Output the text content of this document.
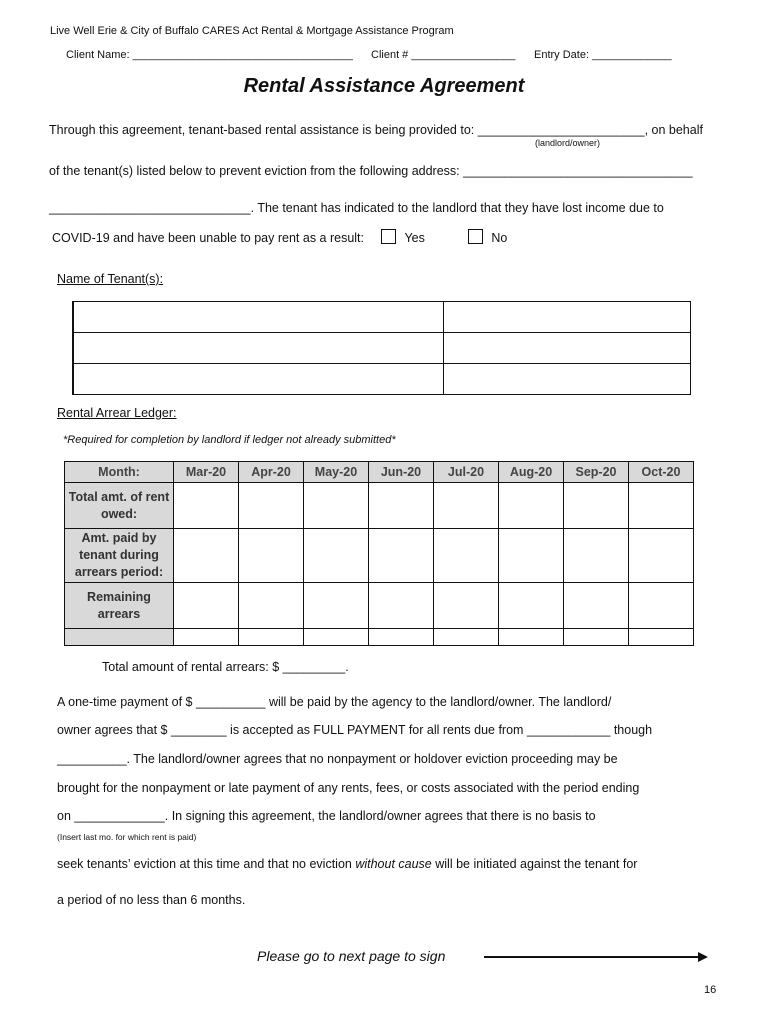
Live Well Erie & City of Buffalo CARES Act Rental & Mortgage Assistance Program
Client Name: ____________________________________ Client # _________________ Entry Date: _____________
Rental Assistance Agreement
Through this agreement, tenant-based rental assistance is being provided to: ________________________, on behalf
(landlord/owner)
of the tenant(s) listed below to prevent eviction from the following address: _________________________________
_____________________________. The tenant has indicated to the landlord that they have lost income due to
COVID-19 and have been unable to pay rent as a result:	Yes	No
Name of Tenant(s):

Rental Arrear Ledger:
*Required for completion by landlord if ledger not already submitted*
Month:	Mar-20	Apr-20	May-20	Jun-20	Jul-20	Aug-20	Sep-20	Oct-20
Total amt. of rent owed:								
Amt. paid by tenant during arrears period:								
Remaining arrears								

Total amount of rental arrears: $ _________.
A one-time payment of $ __________ will be paid by the agency to the landlord/owner. The landlord/
owner agrees that $ ________ is accepted as FULL PAYMENT for all rents due from ____________ though
__________. The landlord/owner agrees that no nonpayment or holdover eviction proceeding may be
brought for the nonpayment or late payment of any rents, fees, or costs associated with the period ending
on _____________. In signing this agreement, the landlord/owner agrees that there is no basis to
(Insert last mo. for which rent is paid)
seek tenants’ eviction at this time and that no eviction without cause will be initiated against the tenant for
a period of no less than 6 months.
Please go to next page to sign
16
